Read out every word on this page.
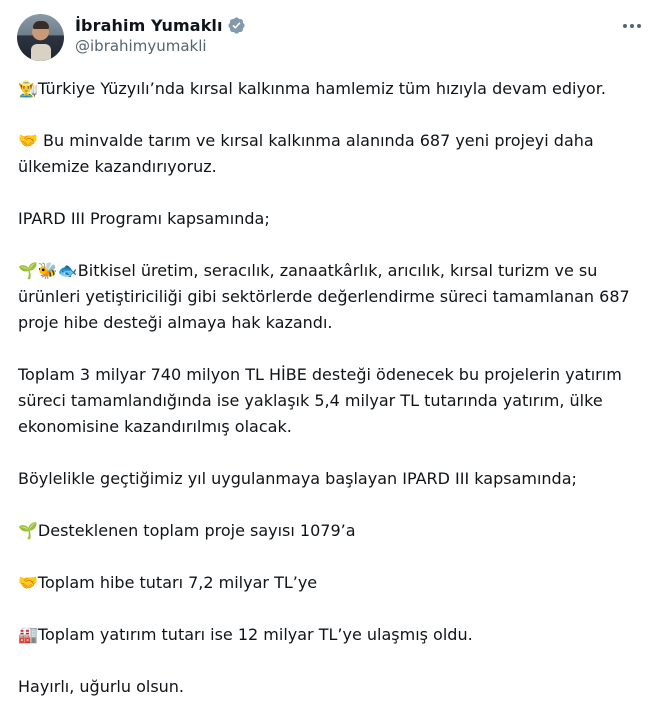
İbrahim Yumaklı
@ibrahimyumakli

👨‍🌾Türkiye Yüzyılı’nda kırsal kalkınma hamlemiz tüm hızıyla devam ediyor.

🤝 Bu minvalde tarım ve kırsal kalkınma alanında 687 yeni projeyi daha ülkemize kazandırıyoruz.

IPARD III Programı kapsamında;

🌱🐝🐟Bitkisel üretim, seracılık, zanaatkârlık, arıcılık, kırsal turizm ve su ürünleri yetiştiriciliği gibi sektörlerde değerlendirme süreci tamamlanan 687 proje hibe desteği almaya hak kazandı.

Toplam 3 milyar 740 milyon TL HİBE desteği ödenecek bu projelerin yatırım süreci tamamlandığında ise yaklaşık 5,4 milyar TL tutarında yatırım, ülke ekonomisine kazandırılmış olacak.

Böylelikle geçtiğimiz yıl uygulanmaya başlayan IPARD III kapsamında;

🌱Desteklenen toplam proje sayısı 1079’a

🤝Toplam hibe tutarı 7,2 milyar TL’ye

🏭Toplam yatırım tutarı ise 12 milyar TL’ye ulaşmış oldu.

Hayırlı, uğurlu olsun.
